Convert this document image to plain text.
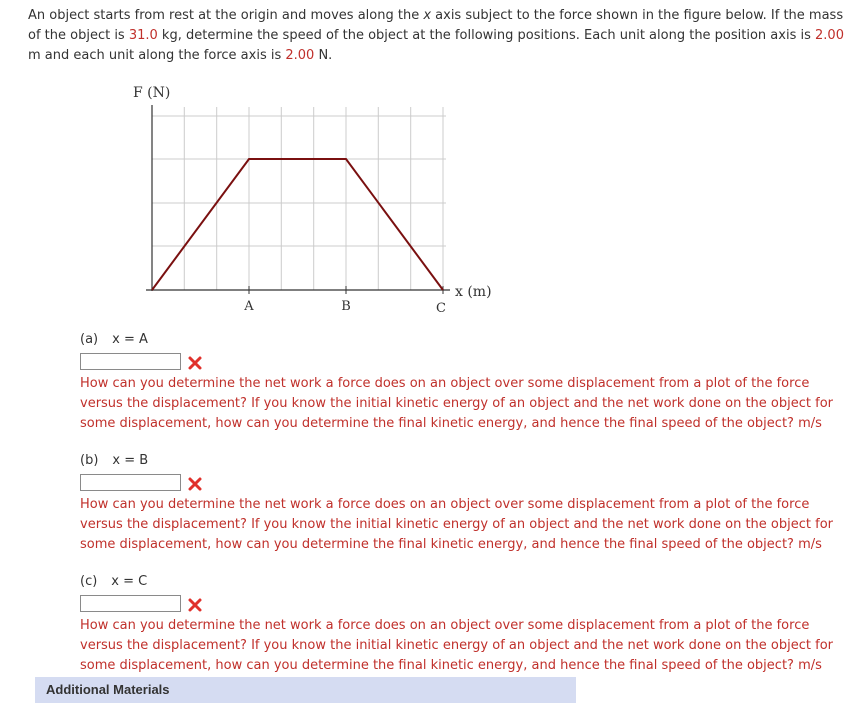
An object starts from rest at the origin and moves along the x axis subject to the force shown in the figure below. If the mass
of the object is 31.0 kg, determine the speed of the object at the following positions. Each unit along the position axis is 2.00
m and each unit along the force axis is 2.00 N.
F (N)
x (m)
A	B	C
(a) x = A
How can you determine the net work a force does on an object over some displacement from a plot of the force versus the displacement? If you know the initial kinetic energy of an object and the net work done on the object for some displacement, how can you determine the final kinetic energy, and hence the final speed of the object? m/s
(b) x = B
How can you determine the net work a force does on an object over some displacement from a plot of the force versus the displacement? If you know the initial kinetic energy of an object and the net work done on the object for some displacement, how can you determine the final kinetic energy, and hence the final speed of the object? m/s
(c) x = C
How can you determine the net work a force does on an object over some displacement from a plot of the force versus the displacement? If you know the initial kinetic energy of an object and the net work done on the object for some displacement, how can you determine the final kinetic energy, and hence the final speed of the object? m/s
Additional Materials
